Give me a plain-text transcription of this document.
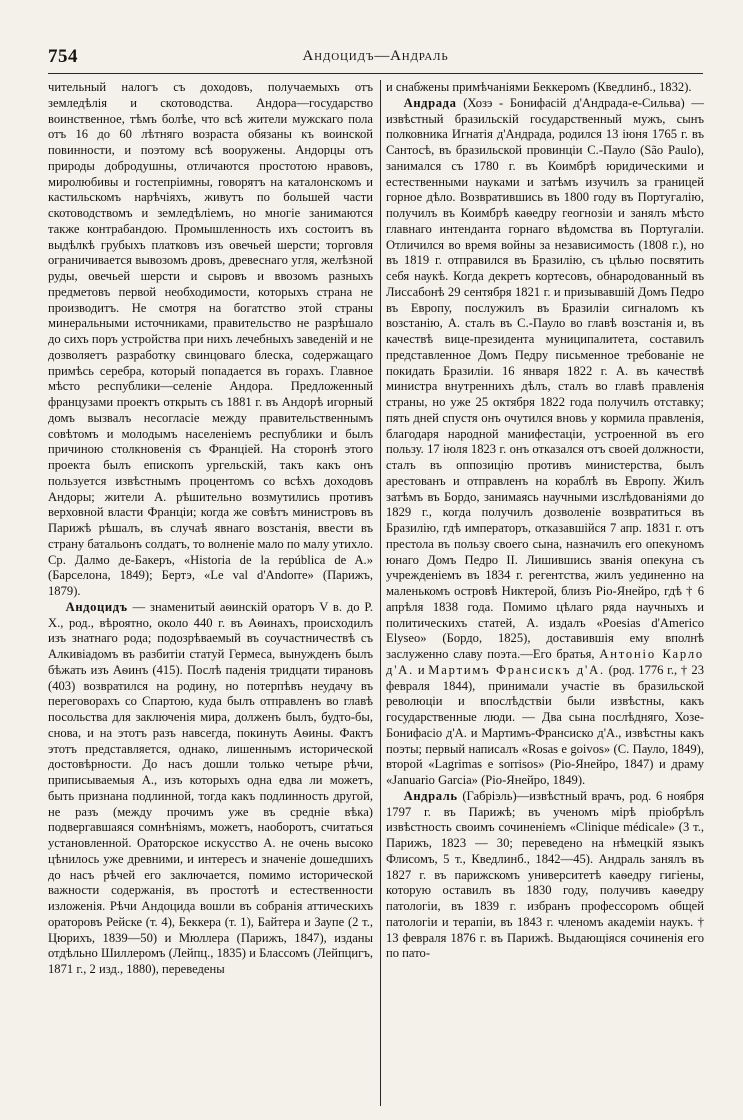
754	Андоцидъ—Андраль

чительный налогъ съ доходовъ, получаемыхъ отъ земледѣлія и скотоводства. Андора—государство воинственное, тѣмъ болѣе, что всѣ жители мужскаго пола отъ 16 до 60 лѣтняго возраста обязаны къ воинской повинности, и поэтому всѣ вооружены. Андорцы отъ природы добродушны, отличаются простотою нравовъ, миролюбивы и гостепріимны, говорятъ на каталонскомъ и кастильскомъ нарѣчіяхъ, живутъ по большей части скотоводствомъ и земледѣліемъ, но многіе занимаются также контрабандою. Промышленность ихъ состоитъ въ выдѣлкѣ грубыхъ платковъ изъ овечьей шерсти; торговля ограничивается вывозомъ дровъ, древеснаго угля, желѣзной руды, овечьей шерсти и сыровъ и ввозомъ разныхъ предметовъ первой необходимости, которыхъ страна не производитъ. Не смотря на богатство этой страны минеральными источниками, правительство не разрѣшало до сихъ поръ устройства при нихъ лечебныхъ заведеній и не дозволяетъ разработку свинцоваго блеска, содержащаго примѣсь серебра, который попадается въ горахъ. Главное мѣсто республики—селеніе Андора. Предложенный французами проектъ открыть съ 1881 г. въ Андорѣ игорный домъ вызвалъ несогласіе между правительственнымъ совѣтомъ и молодымъ населеніемъ республики и былъ причиною столкновенія съ Франціей. На сторонѣ этого проекта былъ епископъ ургельскій, такъ какъ онъ пользуется извѣстнымъ процентомъ со всѣхъ доходовъ Андоры; жители А. рѣшительно возмутились противъ верховной власти Франціи; когда же совѣтъ министровъ въ Парижѣ рѣшалъ, въ случаѣ явнаго возстанія, ввести въ страну батальонъ солдатъ, то волненіе мало по малу утихло. Ср. Далмо де-Бакеръ, «Historia de la república de A.» (Барселона, 1849); Бертэ, «Le val d'Andorre» (Парижъ, 1879).

Андоцидъ — знаменитый аѳинскій ораторъ V в. до Р. Х., род., вѣроятно, около 440 г. въ Аѳинахъ, происходилъ изъ знатнаго рода; подозрѣваемый въ соучастничествѣ съ Алкивіадомъ въ разбитіи статуй Гермеса, вынужденъ былъ бѣжать изъ Аѳинъ (415). Послѣ паденія тридцати тирановъ (403) возвратился на родину, но потерпѣвъ неудачу въ переговорахъ со Спартою, куда былъ отправленъ во главѣ посольства для заключенія мира, долженъ былъ, будто-бы, снова, и на этотъ разъ навсегда, покинуть Аѳины. Фактъ этотъ представляется, однако, лишеннымъ исторической достовѣрности. До насъ дошли только четыре рѣчи, приписываемыя А., изъ которыхъ одна едва ли можетъ, быть признана подлинной, тогда какъ подлинность другой, не разъ (между прочимъ уже въ средніе вѣка) подвергавшаяся сомнѣніямъ, можетъ, наоборотъ, считаться установленной. Ораторское искусство А. не очень высоко цѣнилось уже древними, и интересъ и значеніе дошедшихъ до насъ рѣчей его заключается, помимо исторической важности содержанія, въ простотѣ и естественности изложенія. Рѣчи Андоцида вошли въ собранія аттическихъ ораторовъ Рейске (т. 4), Беккера (т. 1), Байтера и Заупе (2 т., Цюрихъ, 1839—50) и Мюллера (Парижъ, 1847), изданы отдѣльно Шиллеромъ (Лейпц., 1835) и Бласcомъ (Лейпцигъ, 1871 г., 2 изд., 1880), переведены

и снабжены примѣчаніями Беккеромъ (Кведлинб., 1832).

Андрада (Хозэ - Бонифасій д'Андрада-е-Сильва) — извѣстный бразильскій государственный мужъ, сынъ полковника Игнатія д'Андрада, родился 13 іюня 1765 г. въ Сантосѣ, въ бразильской провинціи С.-Пауло (São Paulo), занимался съ 1780 г. въ Коимбрѣ юридическими и естественными науками и затѣмъ изучилъ за границей горное дѣло. Возвратившись въ 1800 году въ Португалію, получилъ въ Коимбрѣ каѳедру геогнозіи и занялъ мѣсто главнаго интенданта горнаго вѣдомства въ Португаліи. Отличился во время войны за независимость (1808 г.), но въ 1819 г. отправился въ Бразилію, съ цѣлью посвятить себя наукѣ. Когда декретъ кортесовъ, обнародованный въ Лиссабонѣ 29 сентября 1821 г. и призывавшій Домъ Педро въ Европу, послужилъ въ Бразиліи сигналомъ къ возстанію, А. сталъ въ С.-Пауло во главѣ возстанія и, въ качествѣ вице-президента муниципалитета, составилъ представленное Домъ Педру письменное требованіе не покидать Бразиліи. 16 января 1822 г. А. въ качествѣ министра внутреннихъ дѣлъ, сталъ во главѣ правленія страны, но уже 25 октября 1822 года получилъ отставку; пять дней спустя онъ очутился вновь у кормила правленія, благодаря народной манифестаціи, устроенной въ его пользу. 17 іюля 1823 г. онъ отказался отъ своей должности, сталъ въ оппозицію противъ министерства, былъ арестованъ и отправленъ на кораблѣ въ Европу. Жилъ затѣмъ въ Бордо, занимаясь научными изслѣдованіями до 1829 г., когда получилъ дозволеніе возвратиться въ Бразилію, гдѣ императоръ, отказавшійся 7 апр. 1831 г. отъ престола въ пользу своего сына, назначилъ его опекуномъ юнаго Домъ Педро II. Лишившись званія опекуна съ учрежденіемъ въ 1834 г. регентства, жилъ уединенно на маленькомъ островѣ Никтерой, близъ Ріо-Янейро, гдѣ † 6 апрѣля 1838 года. Помимо цѣлаго ряда научныхъ и политическихъ статей, А. издалъ «Poesias d'Americo Elyseo» (Бордо, 1825), доставившія ему вполнѣ заслуженно славу поэта.—Его братья, Антоніо Карло д'А. и Мартимъ Франсискъ д'А. (род. 1776 г., † 23 февраля 1844), принимали участіе въ бразильской революціи и впослѣдствіи были извѣстны, какъ государственные люди. — Два сына послѣдняго, Хозе-Бонифасіо д'А. и Мартимъ-Франсиско д'А., извѣстны какъ поэты; первый написалъ «Rosas e goivos» (С. Пауло, 1849), второй «Lagrimas e sorrisos» (Ріо-Янейро, 1847) и драму «Januario Garcia» (Ріо-Янейро, 1849).

Андраль (Габріэль)—извѣстный врачъ, род. 6 ноября 1797 г. въ Парижѣ; въ ученомъ мірѣ пріобрѣлъ извѣстность своимъ сочиненіемъ «Clinique médicale» (3 т., Парижъ, 1823 — 30; переведено на нѣмецкій языкъ Флисомъ, 5 т., Кведлинб., 1842—45). Андраль занялъ въ 1827 г. въ парижскомъ университетѣ каѳедру гигіены, которую оставилъ въ 1830 году, получивъ каѳедру патологіи, въ 1839 г. избранъ профессоромъ общей патологіи и терапіи, въ 1843 г. членомъ академіи наукъ. † 13 февраля 1876 г. въ Парижѣ. Выдающіяся сочиненія его по пато-
